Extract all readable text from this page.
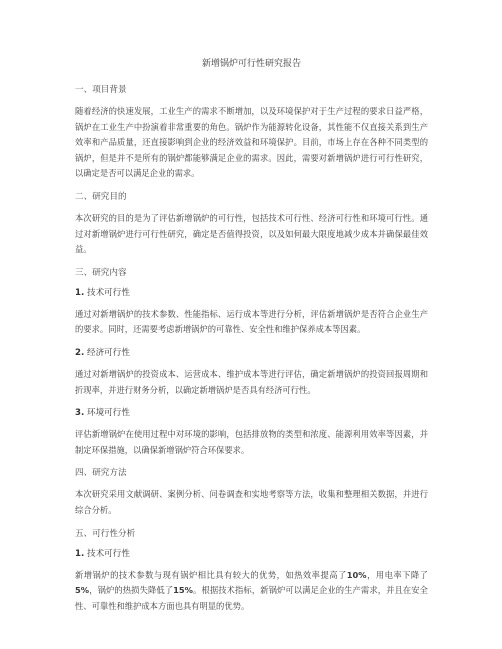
新增锅炉可行性研究报告
一、项目背景

随着经济的快速发展，工业生产的需求不断增加，以及环境保护对于生产过程的要求日益严格，锅炉在工业生产中扮演着非常重要的角色。锅炉作为能源转化设备，其性能不仅直接关系到生产效率和产品质量，还直接影响到企业的经济效益和环境保护。目前，市场上存在各种不同类型的锅炉，但是并不是所有的锅炉都能够满足企业的需求。因此，需要对新增锅炉进行可行性研究，以确定是否可以满足企业的需求。

二、研究目的

本次研究的目的是为了评估新增锅炉的可行性，包括技术可行性、经济可行性和环境可行性。通过对新增锅炉进行可行性研究，确定是否值得投资，以及如何最大限度地减少成本并确保最佳效益。

三、研究内容
1. 技术可行性

通过对新增锅炉的技术参数、性能指标、运行成本等进行分析，评估新增锅炉是否符合企业生产的要求。同时，还需要考虑新增锅炉的可靠性、安全性和维护保养成本等因素。

2. 经济可行性

通过对新增锅炉的投资成本、运营成本、维护成本等进行评估，确定新增锅炉的投资回报周期和折现率，并进行财务分析，以确定新增锅炉是否具有经济可行性。

3. 环境可行性

评估新增锅炉在使用过程中对环境的影响，包括排放物的类型和浓度、能源利用效率等因素，并制定环保措施，以确保新增锅炉符合环保要求。

四、研究方法

本次研究采用文献调研、案例分析、问卷调查和实地考察等方法，收集和整理相关数据，并进行综合分析。

五、可行性分析
1. 技术可行性

新增锅炉的技术参数与现有锅炉相比具有较大的优势，如热效率提高了10%，用电率下降了5%，锅炉的热损失降低了15%。根据技术指标，新锅炉可以满足企业的生产需求，并且在安全性、可靠性和维护成本方面也具有明显的优势。
